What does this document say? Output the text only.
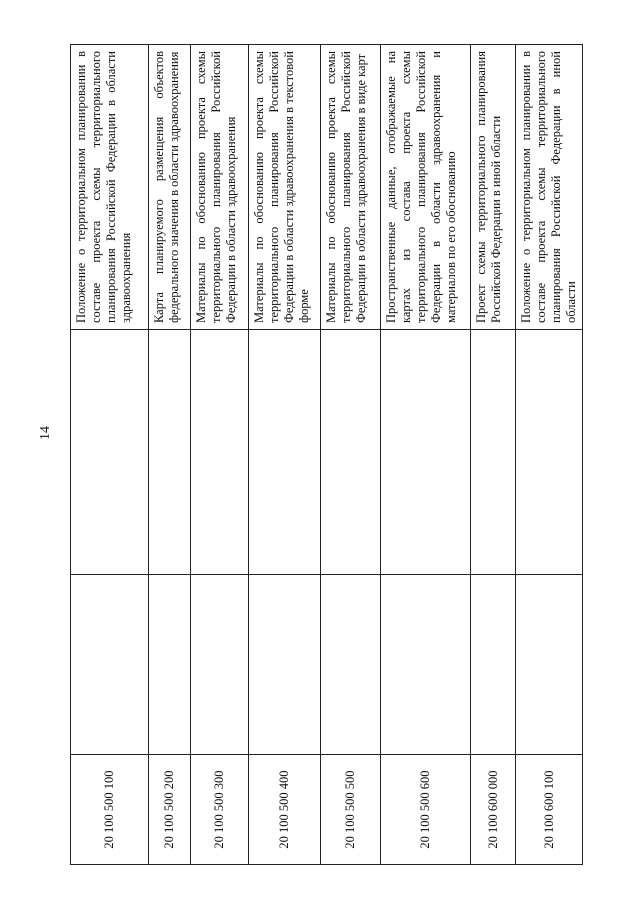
14
20 100 500 100			Положение о территориальном планировании в составе проекта схемы территориального планирования Российской Федерации в области здравоохранения
20 100 500 200			Карта планируемого размещения объектов федерального значения в области здравоохранения
20 100 500 300			Материалы по обоснованию проекта схемы территориального планирования Российской Федерации в области здравоохранения
20 100 500 400			Материалы по обоснованию проекта схемы территориального планирования Российской Федерации в области здравоохранения в текстовой форме
20 100 500 500			Материалы по обоснованию проекта схемы территориального планирования Российской Федерации в области здравоохранения в виде карт
20 100 500 600			Пространственные данные, отображаемые на картах из состава проекта схемы территориального планирования Российской Федерации в области здравоохранения и материалов по его обоснованию
20 100 600 000			Проект схемы территориального планирования Российской Федерации в иной области
20 100 600 100			Положение о территориальном планировании в составе проекта схемы территориального планирования Российской Федерации в иной области
